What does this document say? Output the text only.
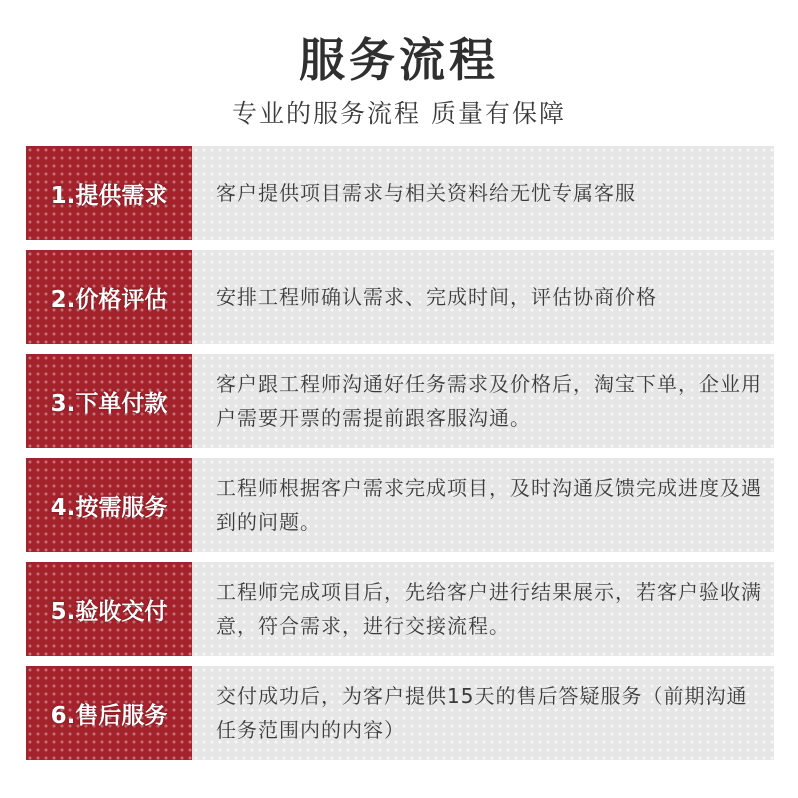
服务流程
专业的服务流程 质量有保障
1.提供需求	客户提供项目需求与相关资料给无忧专属客服
2.价格评估	安排工程师确认需求、完成时间，评估协商价格
3.下单付款
客户跟工程师沟通好任务需求及价格后，淘宝下单，企业用户需要开票的需提前跟客服沟通。
4.按需服务
工程师根据客户需求完成项目，及时沟通反馈完成进度及遇到的问题。
5.验收交付
工程师完成项目后，先给客户进行结果展示，若客户验收满意，符合需求，进行交接流程。
6.售后服务
交付成功后，为客户提供15天的售后答疑服务（前期沟通任务范围内的内容）
